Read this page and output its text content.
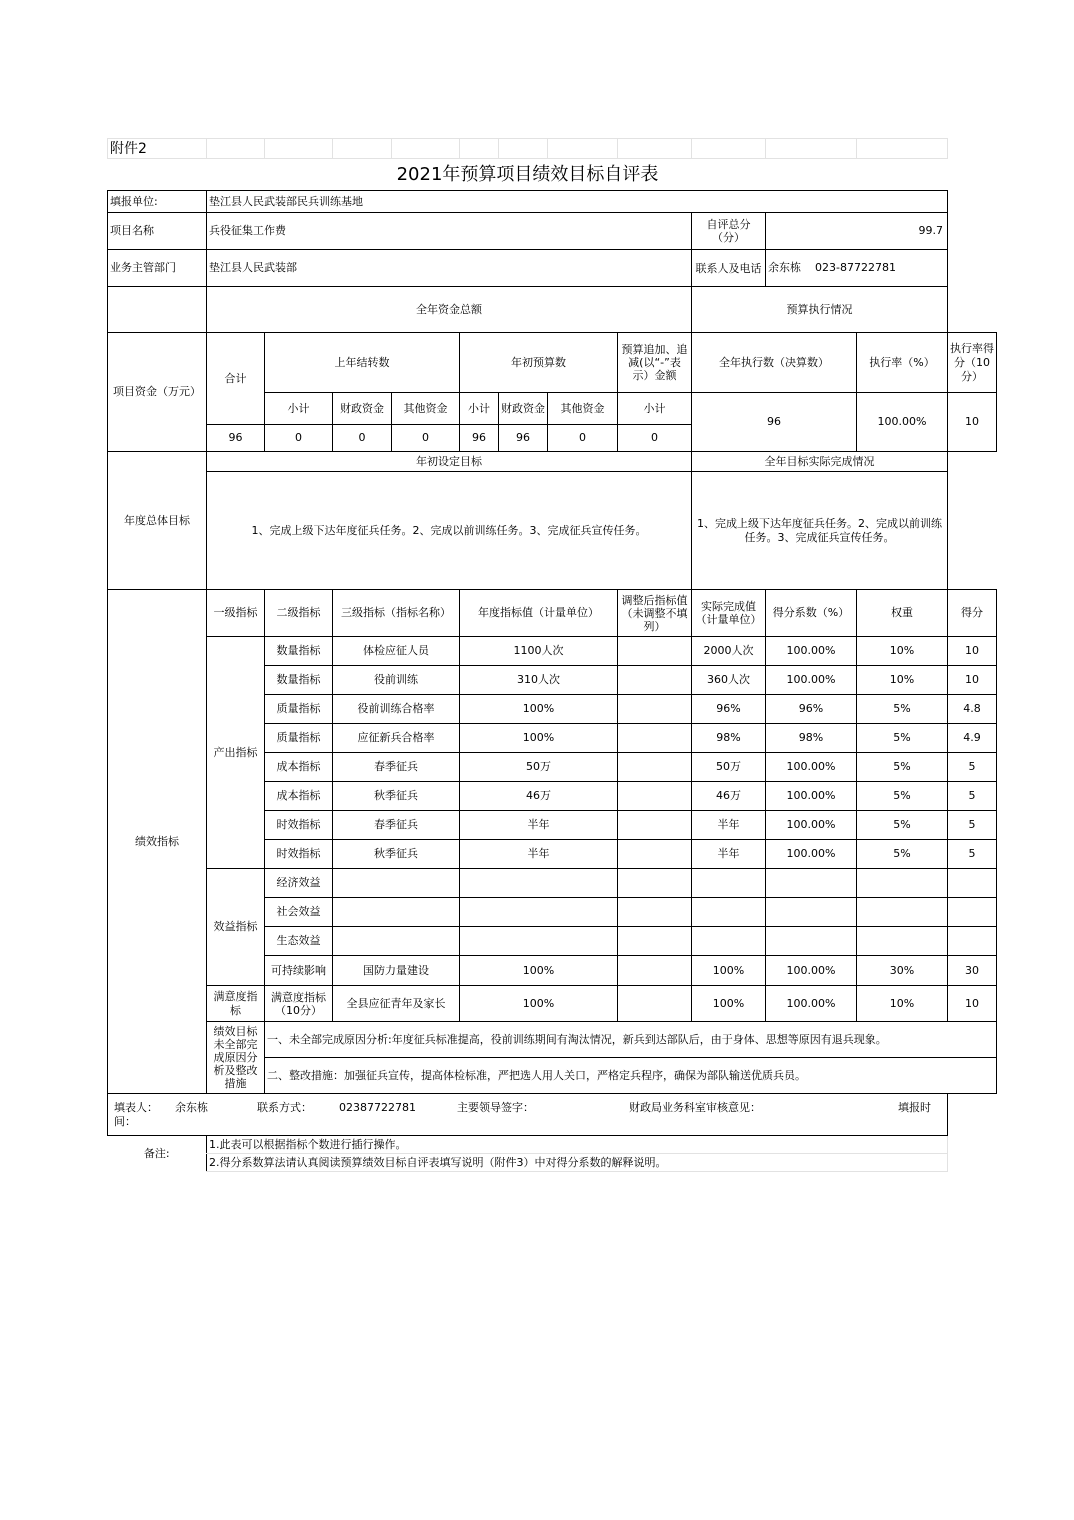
附件2												
2021年预算项目绩效目标自评表												
填报单位:	垫江县人民武装部民兵训练基地											
项目名称	兵役征集工作费								自评总分（分）	99.7		
业务主管部门	垫江县人民武装部								联系人及电话	余东栋    023-87722781		
	全年资金总额								预算执行情况			
项目资金（万元）	合计	上年结转数			年初预算数			预算追加、追减(以“-”表示）金额	全年执行数（决算数）		执行率（%）	执行率得分（10分）
		小计	财政资金	其他资金	小计	财政资金	其他资金	小计	96		100.00%	10
	96	0	0	0	96	96	0	0				
年度总体目标	年初设定目标								全年目标实际完成情况			
	1、完成上级下达年度征兵任务。2、完成以前训练任务。3、完成征兵宣传任务。								1、完成上级下达年度征兵任务。2、完成以前训练任务。3、完成征兵宣传任务。			
绩效指标	一级指标	二级指标	三级指标（指标名称）		年度指标值（计量单位）			调整后指标值（未调整不填列）	实际完成值（计量单位）	得分系数（%）	权重	得分
	产出指标	数量指标	体检应征人员		1100人次				2000人次	100.00%	10%	10
		数量指标	役前训练		310人次				360人次	100.00%	10%	10
		质量指标	役前训练合格率		100%				96%	96%	5%	4.8
		质量指标	应征新兵合格率		100%				98%	98%	5%	4.9
		成本指标	春季征兵		50万				50万	100.00%	5%	5
		成本指标	秋季征兵		46万				46万	100.00%	5%	5
		时效指标	春季征兵		半年				半年	100.00%	5%	5
		时效指标	秋季征兵		半年				半年	100.00%	5%	5
	效益指标	经济效益										
		社会效益										
		生态效益										
		可持续影响	国防力量建设		100%				100%	100.00%	30%	30
	满意度指标	满意度指标（10分）	全县应征青年及家长		100%				100%	100.00%	10%	10
	绩效目标未全部完成原因分析及整改措施	一、未全部完成原因分析:年度征兵标准提高，役前训练期间有淘汰情况，新兵到达部队后，由于身体、思想等原因有退兵现象。										
		二、整改措施：加强征兵宣传，提高体检标准，严把选人用人关口，严格定兵程序，确保为部队输送优质兵员。										
填表人： 余东栋 联系方式： 02387722781 主要领导签字： 财政局业务科室审核意见： 填报时间：												
备注:	1.此表可以根据指标个数进行插行操作。											
	2.得分系数算法请认真阅读预算绩效目标自评表填写说明（附件3）中对得分系数的解释说明。											
